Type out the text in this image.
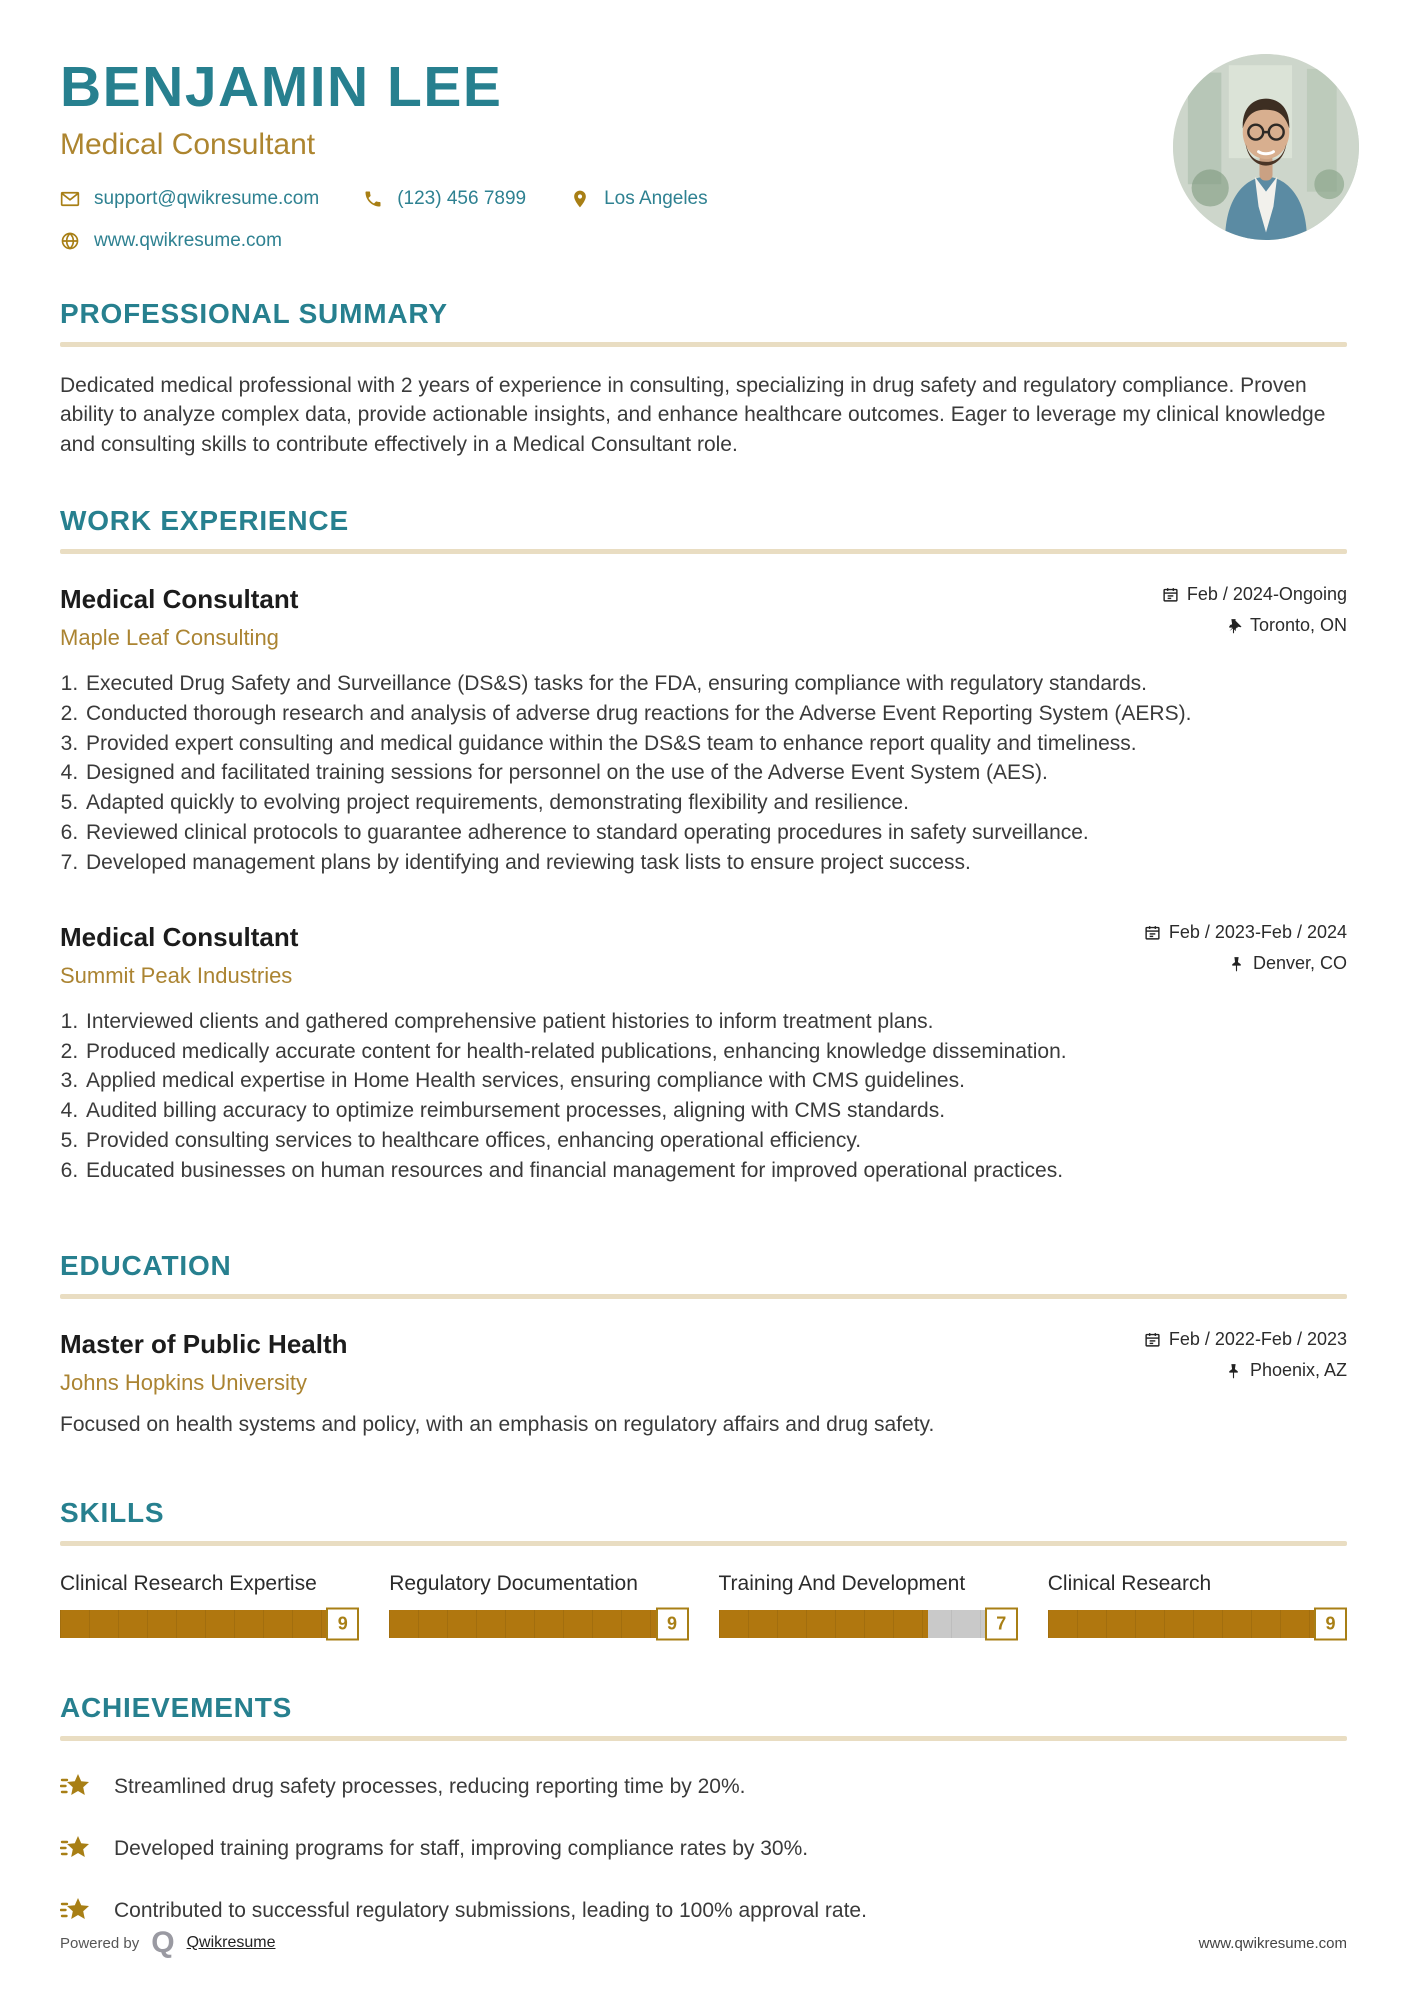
BENJAMIN LEE
Medical Consultant
support@qwikresume.com	(123) 456 7899	Los Angeles
www.qwikresume.com
PROFESSIONAL SUMMARY
Dedicated medical professional with 2 years of experience in consulting, specializing in drug safety and regulatory compliance. Proven ability to analyze complex data, provide actionable insights, and enhance healthcare outcomes. Eager to leverage my clinical knowledge and consulting skills to contribute effectively in a Medical Consultant role.
WORK EXPERIENCE
Medical Consultant
Maple Leaf Consulting
Feb / 2024-Ongoing
Toronto, ON
1. Executed Drug Safety and Surveillance (DS&S) tasks for the FDA, ensuring compliance with regulatory standards.
2. Conducted thorough research and analysis of adverse drug reactions for the Adverse Event Reporting System (AERS).
3. Provided expert consulting and medical guidance within the DS&S team to enhance report quality and timeliness.
4. Designed and facilitated training sessions for personnel on the use of the Adverse Event System (AES).
5. Adapted quickly to evolving project requirements, demonstrating flexibility and resilience.
6. Reviewed clinical protocols to guarantee adherence to standard operating procedures in safety surveillance.
7. Developed management plans by identifying and reviewing task lists to ensure project success.
Medical Consultant
Summit Peak Industries
Feb / 2023-Feb / 2024
Denver, CO
1. Interviewed clients and gathered comprehensive patient histories to inform treatment plans.
2. Produced medically accurate content for health-related publications, enhancing knowledge dissemination.
3. Applied medical expertise in Home Health services, ensuring compliance with CMS guidelines.
4. Audited billing accuracy to optimize reimbursement processes, aligning with CMS standards.
5. Provided consulting services to healthcare offices, enhancing operational efficiency.
6. Educated businesses on human resources and financial management for improved operational practices.
EDUCATION
Master of Public Health
Johns Hopkins University
Feb / 2022-Feb / 2023
Phoenix, AZ
Focused on health systems and policy, with an emphasis on regulatory affairs and drug safety.
SKILLS
Clinical Research Expertise
9
Regulatory Documentation
9
Training And Development
7
Clinical Research
9
ACHIEVEMENTS
Streamlined drug safety processes, reducing reporting time by 20%.
Developed training programs for staff, improving compliance rates by 30%.
Contributed to successful regulatory submissions, leading to 100% approval rate.
Powered by Q Qwikresume	www.qwikresume.com
